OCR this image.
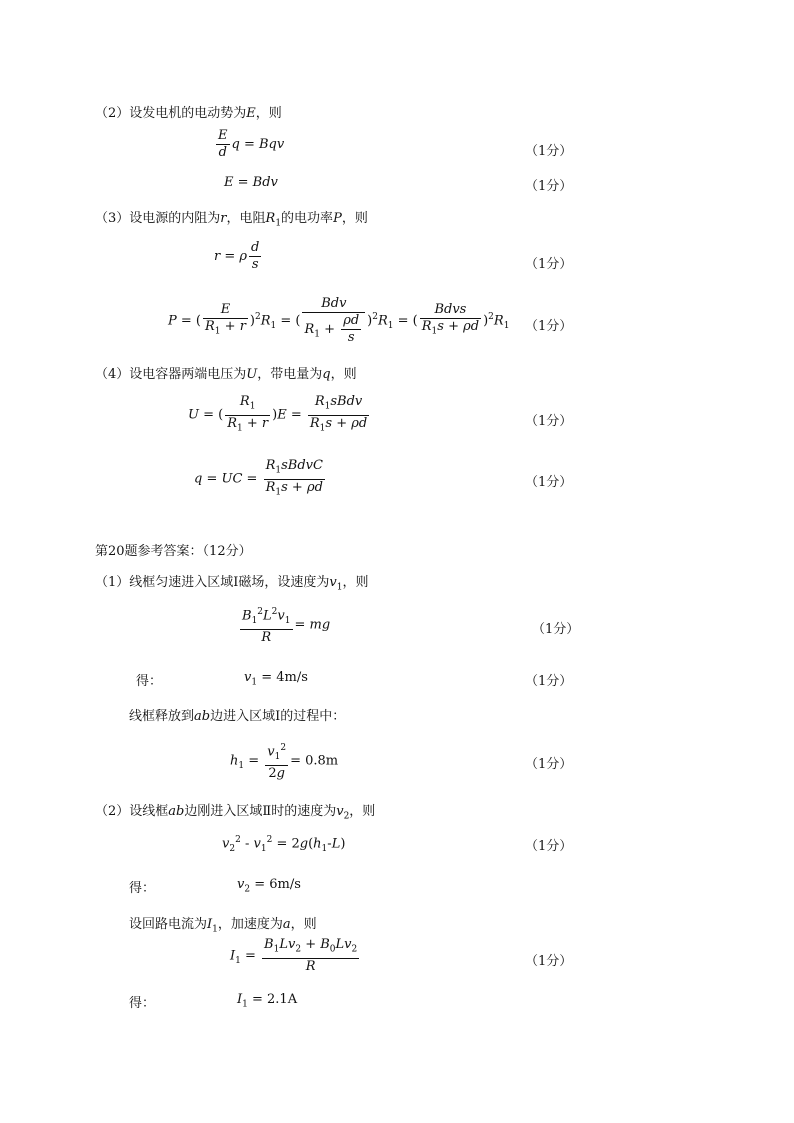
（2）设发电机的电动势为E，则
$\frac{E}{d}$ q = Bqv	（1分）
E = Bdv	（1分）
（3）设电源的内阻为r，电阻$R_1$的电功率P，则
r = ρ $\frac{d}{s}$	（1分）
P = ( $\frac{E}{R_1 + r} )^2R_1$ = ( $\frac{\text{Bdv}}{R_1 + \frac{\rho d}{s}} )^2R_1$ = ( $\frac{\text{Bdvs}}{R_1s + \rho d} )^2R_1$ （1分）
（4）设电容器两端电压为U，带电量为q，则
U = ( $\frac{R_1}{R_1 + r} )E = \frac{R_1sBdv}{R_1s + \rho d}$	（1分）
q = UC = $\frac{R_1sBdvC}{R_1s + \rho d}$	（1分）
第20题参考答案：（12分）
（1）线框匀速进入区域Ⅰ磁场，设速度为$v_1$，则
$\frac{B_1^2L^2v_1}{R}$ = mg	（1分）
得：	$v_1 = 4m/s$	（1分）
线框释放到ab边进入区域Ⅰ的过程中：
$h_1 = \frac{v_1^2}{2g} = 0.8m$	（1分）
（2）设线框ab边刚进入区域Ⅱ时的速度为$v_2$，则
$v_2^2 - v_1^2 = 2g(h_1-L)$	（1分）
得：	$v_2 = 6m/s$
设回路电流为$I_1$，加速度为a，则
$I_1 = \frac{B_1Lv_2 + B_0Lv_2}{R}$	（1分）
得：	$I_1 = 2.1A$
